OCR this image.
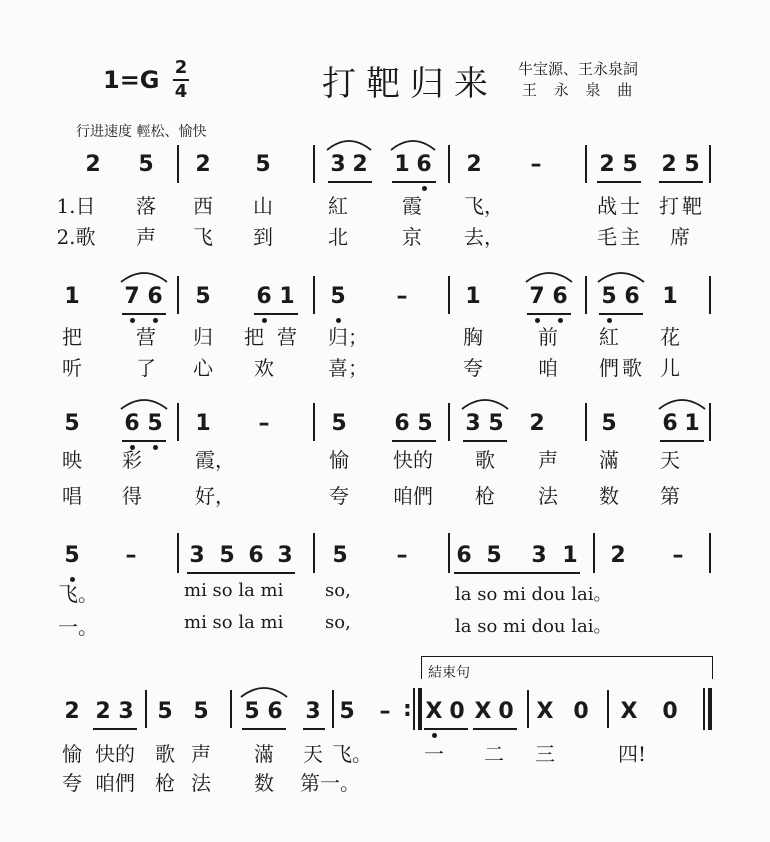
1=G 2
4	打靶归来 牛宝源、王永泉詞
王 永 泉 曲
行进速度 輕松、愉快
2 5 2 5	3 2 1 6 2 –	2 5 2 5
1.日 落 西 山	紅	霞 飞，	战 士 打 靶
2.歌 声 飞 到	北	京 去，	毛 主 席
1 7 6 5 6 1 5 –	1 7 6 5 6 1
把	营 归 把 营 归；	胸	前 紅 花
听	了 心 欢	喜；	夸	咱 們 歌 儿
5 6 5 1 –	5 6 5 3 5 2	5 6 1
映 彩	霞，	愉 快的 歌 声 滿 天
唱 得	好，	夸 咱們 枪 法 数 第
5 – 3 5 6 3 5 – 6 5 3 1 2 –
飞。	mi so la mi so,	la so mi dou lai。
一。	mi so la mi so,	la so mi dou lai。
結束句
2 2 3 5 5 5 6 3 5 – : X 0 X 0 X 0 X 0
愉 快的 歌 声 滿 天 飞。	一 二 三	四!
夸 咱們 枪 法 数 第一。
